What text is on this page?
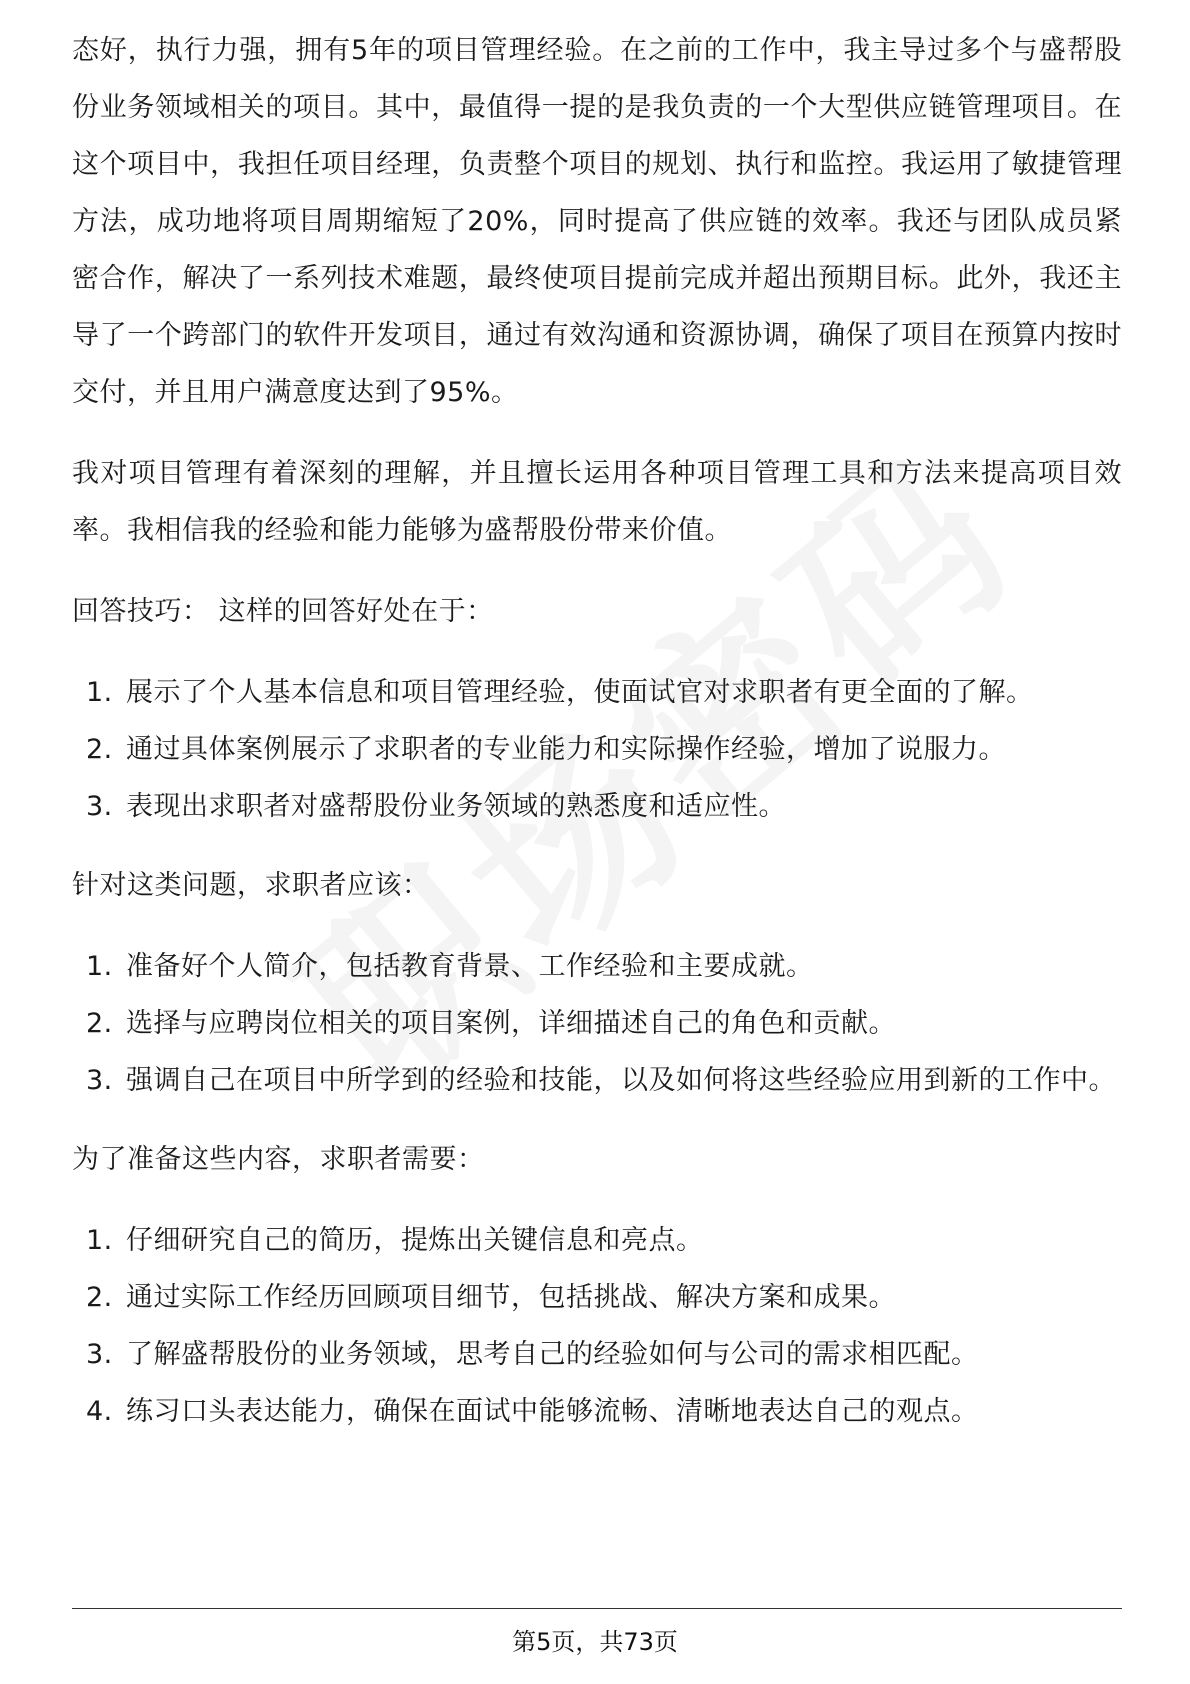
态好，执行力强，拥有5年的项目管理经验。在之前的工作中，我主导过多个与盛帮股份业务领域相关的项目。其中，最值得一提的是我负责的一个大型供应链管理项目。在这个项目中，我担任项目经理，负责整个项目的规划、执行和监控。我运用了敏捷管理方法，成功地将项目周期缩短了20%，同时提高了供应链的效率。我还与团队成员紧密合作，解决了一系列技术难题，最终使项目提前完成并超出预期目标。此外，我还主导了一个跨部门的软件开发项目，通过有效沟通和资源协调，确保了项目在预算内按时交付，并且用户满意度达到了95%。

我对项目管理有着深刻的理解，并且擅长运用各种项目管理工具和方法来提高项目效率。我相信我的经验和能力能够为盛帮股份带来价值。

回答技巧： 这样的回答好处在于：

1. 展示了个人基本信息和项目管理经验，使面试官对求职者有更全面的了解。
2. 通过具体案例展示了求职者的专业能力和实际操作经验，增加了说服力。
3. 表现出求职者对盛帮股份业务领域的熟悉度和适应性。

针对这类问题，求职者应该：

1. 准备好个人简介，包括教育背景、工作经验和主要成就。
2. 选择与应聘岗位相关的项目案例，详细描述自己的角色和贡献。
3. 强调自己在项目中所学到的经验和技能，以及如何将这些经验应用到新的工作中。

为了准备这些内容，求职者需要：

1. 仔细研究自己的简历，提炼出关键信息和亮点。
2. 通过实际工作经历回顾项目细节，包括挑战、解决方案和成果。
3. 了解盛帮股份的业务领域，思考自己的经验如何与公司的需求相匹配。
4. 练习口头表达能力，确保在面试中能够流畅、清晰地表达自己的观点。
第5页，共73页
